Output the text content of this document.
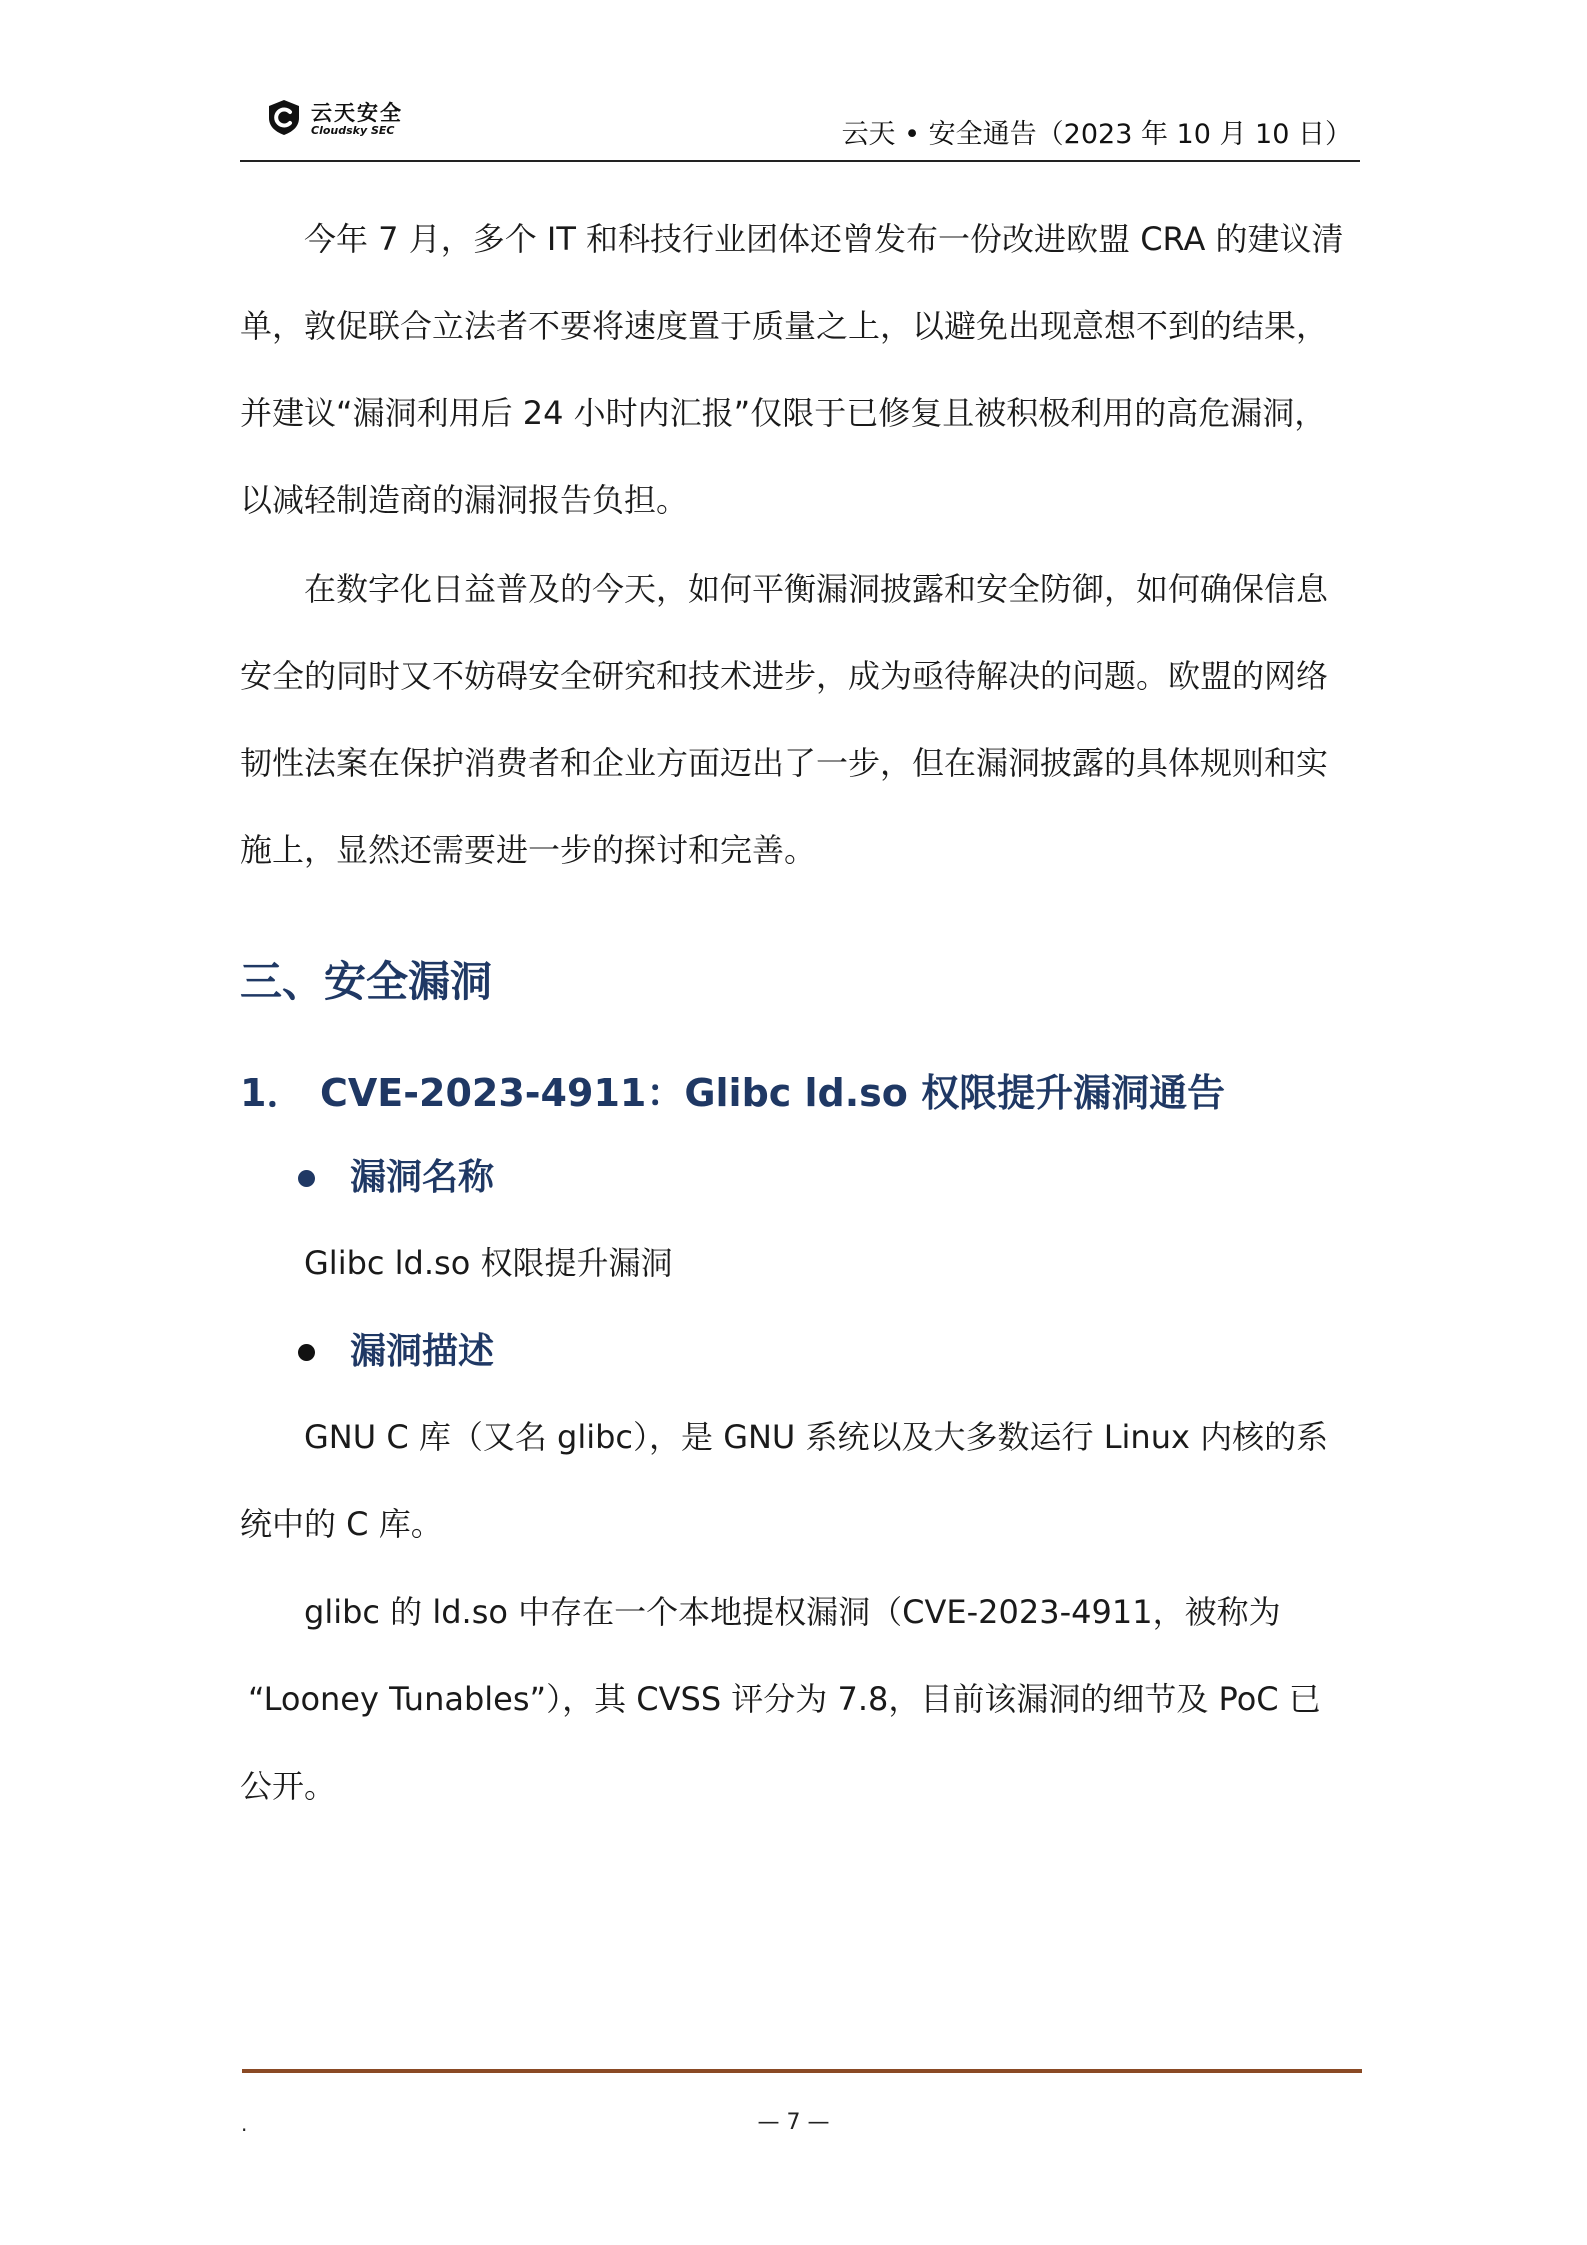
云天安全
Cloudsky SEC	云天 • 安全通告（2023 年 10 月 10 日）
今年 7 月，多个 IT 和科技行业团体还曾发布一份改进欧盟 CRA 的建议清
单，敦促联合立法者不要将速度置于质量之上，以避免出现意想不到的结果，
并建议“漏洞利用后 24 小时内汇报”仅限于已修复且被积极利用的高危漏洞，
以减轻制造商的漏洞报告负担。
在数字化日益普及的今天，如何平衡漏洞披露和安全防御，如何确保信息
安全的同时又不妨碍安全研究和技术进步，成为亟待解决的问题。欧盟的网络
韧性法案在保护消费者和企业方面迈出了一步，但在漏洞披露的具体规则和实
施上，显然还需要进一步的探讨和完善。
三、安全漏洞
1． CVE-2023-4911：Glibc ld.so 权限提升漏洞通告
漏洞名称
Glibc ld.so 权限提升漏洞
漏洞描述
GNU C 库（又名 glibc），是 GNU 系统以及大多数运行 Linux 内核的系
统中的 C 库。
glibc 的 ld.so 中存在一个本地提权漏洞（CVE-2023-4911，被称为
“Looney Tunables”），其 CVSS 评分为 7.8，目前该漏洞的细节及 PoC 已
公开。
.	— 7 —
